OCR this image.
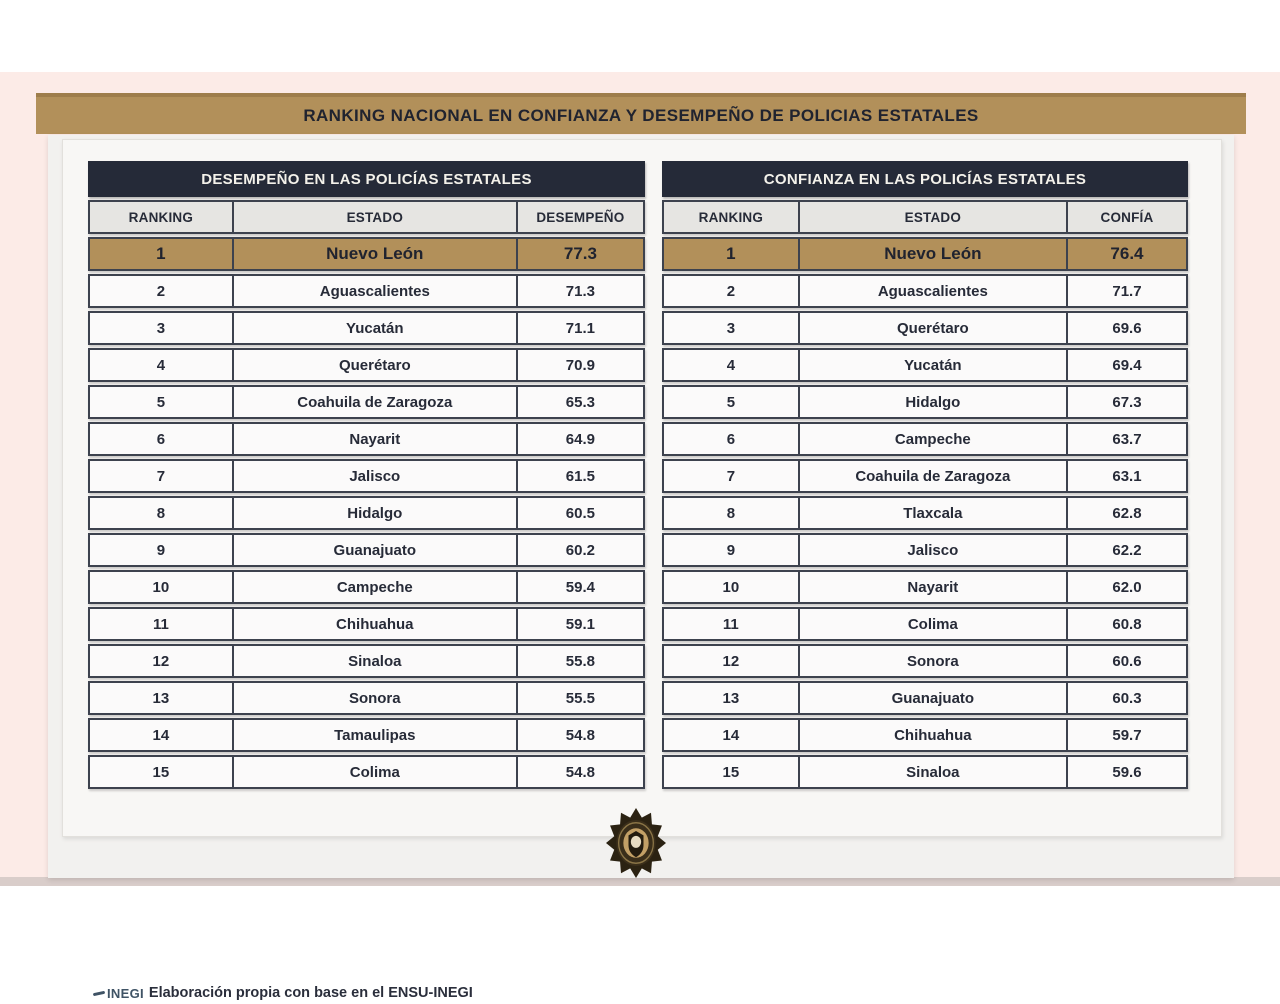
RANKING NACIONAL EN CONFIANZA Y DESEMPEÑO DE POLICIAS ESTATALES
DESEMPEÑO EN LAS POLICÍAS ESTATALES
RANKING	ESTADO	DESEMPEÑO
1	Nuevo León	77.3
2	Aguascalientes	71.3
3	Yucatán	71.1
4	Querétaro	70.9
5	Coahuila de Zaragoza	65.3
6	Nayarit	64.9
7	Jalisco	61.5
8	Hidalgo	60.5
9	Guanajuato	60.2
10	Campeche	59.4
11	Chihuahua	59.1
12	Sinaloa	55.8
13	Sonora	55.5
14	Tamaulipas	54.8
15	Colima	54.8
CONFIANZA EN LAS POLICÍAS ESTATALES
RANKING	ESTADO	CONFÍA
1	Nuevo León	76.4
2	Aguascalientes	71.7
3	Querétaro	69.6
4	Yucatán	69.4
5	Hidalgo	67.3
6	Campeche	63.7
7	Coahuila de Zaragoza	63.1
8	Tlaxcala	62.8
9	Jalisco	62.2
10	Nayarit	62.0
11	Colima	60.8
12	Sonora	60.6
13	Guanajuato	60.3
14	Chihuahua	59.7
15	Sinaloa	59.6
INEGI Elaboración propia con base en el ENSU-INEGI
